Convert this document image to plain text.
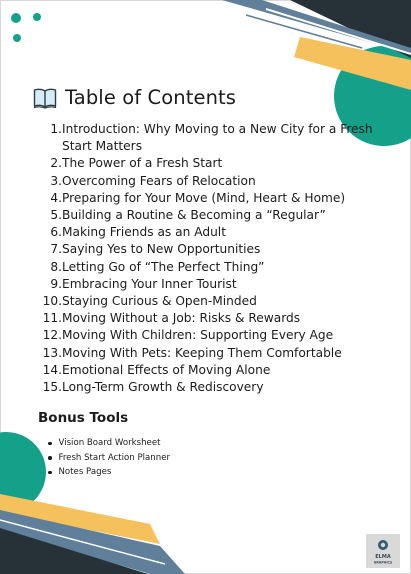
Table of Contents
1. Introduction: Why Moving to a New City for a Fresh Start Matters
2. The Power of a Fresh Start
3. Overcoming Fears of Relocation
4. Preparing for Your Move (Mind, Heart & Home)
5. Building a Routine & Becoming a “Regular”
6. Making Friends as an Adult
7. Saying Yes to New Opportunities
8. Letting Go of “The Perfect Thing”
9. Embracing Your Inner Tourist
10. Staying Curious & Open-Minded
11. Moving Without a Job: Risks & Rewards
12. Moving With Children: Supporting Every Age
13. Moving With Pets: Keeping Them Comfortable
14. Emotional Effects of Moving Alone
15. Long-Term Growth & Rediscovery
Bonus Tools
Vision Board Worksheet
Fresh Start Action Planner
Notes Pages
ELMA
GRAPHICS
